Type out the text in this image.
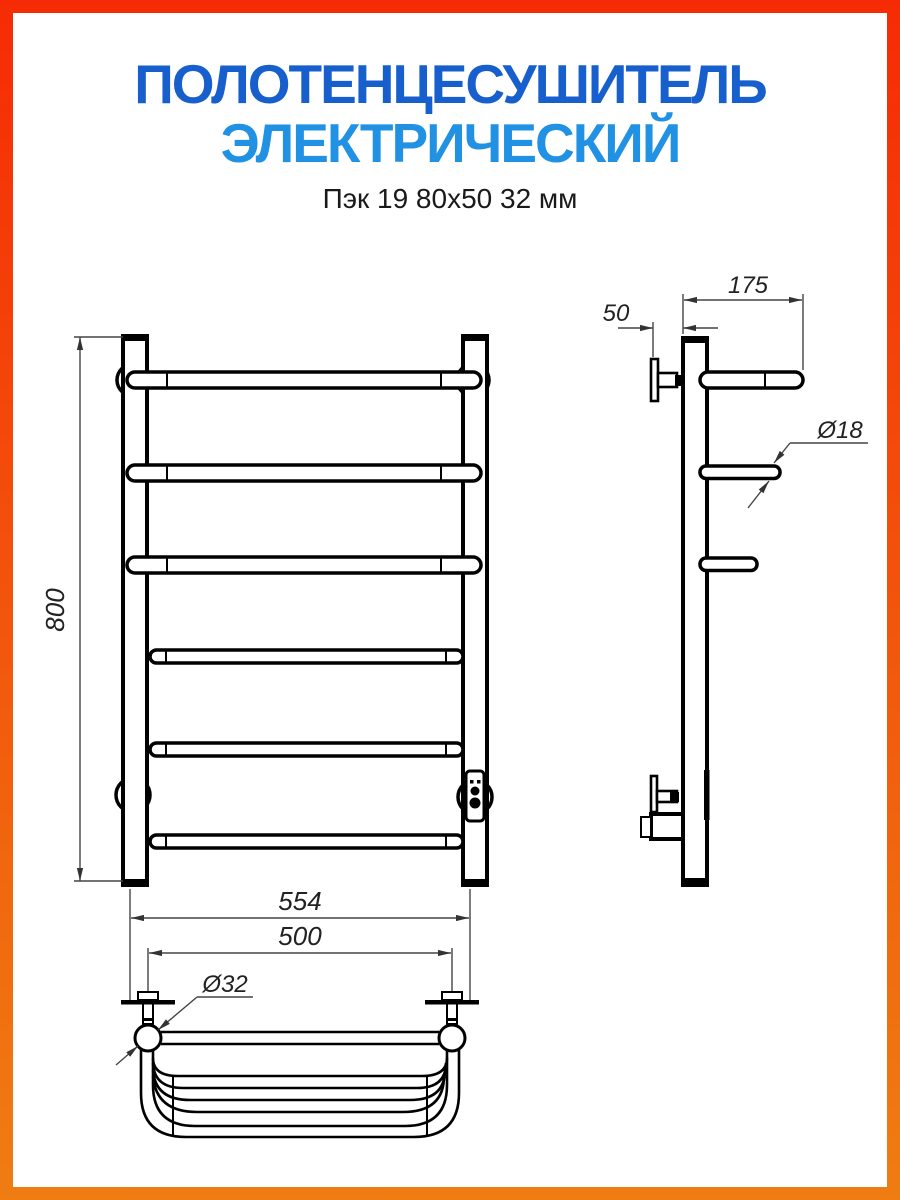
ПОЛОТЕНЦЕСУШИТЕЛЬ
ЭЛЕКТРИЧЕСКИЙ
Пэк 19 80x50 32 мм
800
175
50
Ø18
554
500
Ø32
